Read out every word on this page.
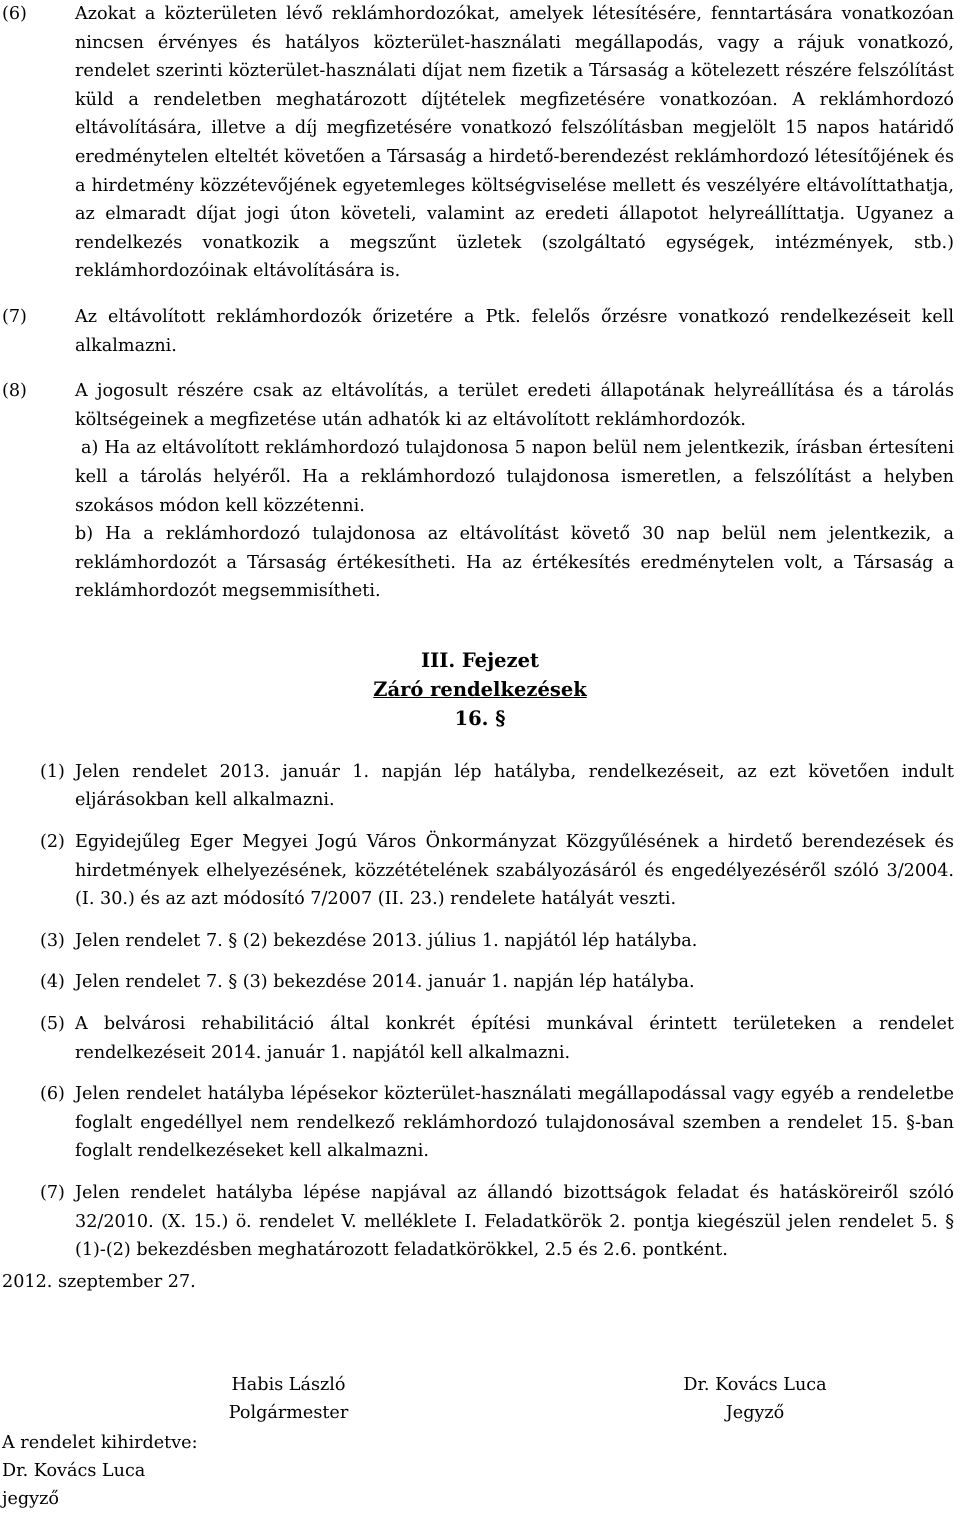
(6)	Azokat a közterületen lévő reklámhordozókat, amelyek létesítésére, fenntartására vonatkozóan nincsen érvényes és hatályos közterület-használati megállapodás, vagy a rájuk vonatkozó, rendelet szerinti közterület-használati díjat nem fizetik a Társaság a kötelezett részére felszólítást küld a rendeletben meghatározott díjtételek megfizetésére vonatkozóan. A reklámhordozó eltávolítására, illetve a díj megfizetésére vonatkozó felszólításban megjelölt 15 napos határidő eredménytelen elteltét követően a Társaság a hirdető-berendezést reklámhordozó létesítőjének és a hirdetmény közzétevőjének egyetemleges költségviselése mellett és veszélyére eltávolíttathatja, az elmaradt díjat jogi úton követeli, valamint az eredeti állapotot helyreállíttatja. Ugyanez a rendelkezés vonatkozik a megszűnt üzletek (szolgáltató egységek, intézmények, stb.) reklámhordozóinak eltávolítására is.
(7)	Az eltávolított reklámhordozók őrizetére a Ptk. felelős őrzésre vonatkozó rendelkezéseit kell alkalmazni.
(8)	A jogosult részére csak az eltávolítás, a terület eredeti állapotának helyreállítása és a tárolás költségeinek a megfizetése után adhatók ki az eltávolított reklámhordozók.
a) Ha az eltávolított reklámhordozó tulajdonosa 5 napon belül nem jelentkezik, írásban értesíteni kell a tárolás helyéről. Ha a reklámhordozó tulajdonosa ismeretlen, a felszólítást a helyben szokásos módon kell közzétenni.
b) Ha a reklámhordozó tulajdonosa az eltávolítást követő 30 nap belül nem jelentkezik, a reklámhordozót a Társaság értékesítheti. Ha az értékesítés eredménytelen volt, a Társaság a reklámhordozót megsemmisítheti.
III. Fejezet
Záró rendelkezések
16. §
(1) Jelen rendelet 2013. január 1. napján lép hatályba, rendelkezéseit, az ezt követően indult eljárásokban kell alkalmazni.
(2) Egyidejűleg Eger Megyei Jogú Város Önkormányzat Közgyűlésének a hirdető berendezések és hirdetmények elhelyezésének, közzétételének szabályozásáról és engedélyezéséről szóló 3/2004. (I. 30.) és az azt módosító 7/2007 (II. 23.) rendelete hatályát veszti.
(3) Jelen rendelet 7. § (2) bekezdése 2013. július 1. napjától lép hatályba.
(4) Jelen rendelet 7. § (3) bekezdése 2014. január 1. napján lép hatályba.
(5) A belvárosi rehabilitáció által konkrét építési munkával érintett területeken a rendelet rendelkezéseit 2014. január 1. napjától kell alkalmazni.
(6) Jelen rendelet hatályba lépésekor közterület-használati megállapodással vagy egyéb a rendeletbe foglalt engedéllyel nem rendelkező reklámhordozó tulajdonosával szemben a rendelet 15. §-ban foglalt rendelkezéseket kell alkalmazni.
(7) Jelen rendelet hatályba lépése napjával az állandó bizottságok feladat és hatásköreiről szóló 32/2010. (X. 15.) ö. rendelet V. melléklete I. Feladatkörök 2. pontja kiegészül jelen rendelet 5. § (1)-(2) bekezdésben meghatározott feladatkörökkel, 2.5 és 2.6. pontként.
2012. szeptember 27.
Habis László
Polgármester
Dr. Kovács Luca
Jegyző
A rendelet kihirdetve:
Dr. Kovács Luca
jegyző
